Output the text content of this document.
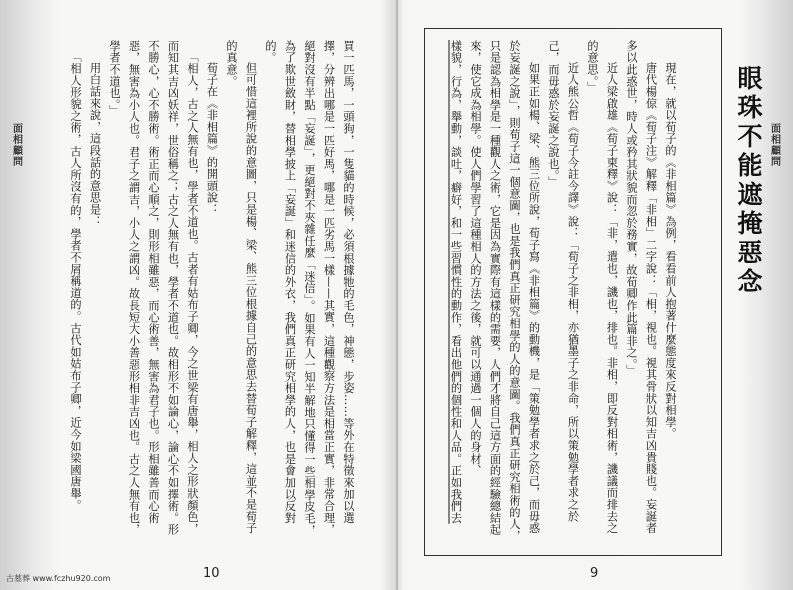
面相顧問	面相顧問

買一匹馬，一頭狗，一隻貓的時候，必須根據牠的毛色，神態，步姿……等外在特徵來加以選擇，分辨出哪是一匹好馬，哪是一匹劣馬一樣——其實，這種觀察方法是相當正實，非常合理，絕對沒有半點「妄誕」，更絕對不夾雜任麼「迷信」。如果有人一知半解地只懂得一些相學皮毛，為了欺世斂財，替相學披上「妄誕」和迷信的外衣，我們真正研究相學的人，也是會加以反對的。

但可惜這裡所說的意圖，只是楊、梁、熊三位根據自己的意思去替荀子解釋，這並不是荀子的真意。

荀子在《非相篇》的開頭說：

「相人，古之人無有也，學者不道也。古者有姑布子卿，今之世梁有唐舉，相人之形狀顏色，而知其吉凶妖祥，世俗稱之；古之人無有也，學者不道也。故相形不如論心，論心不如擇術。形不勝心，心不勝術。術正而心順之，則形相雖惡，而心術善，無害為君子也。形相雖善而心術惡，無害為小人也。君子之謂吉，小人之謂凶。故長短大小善惡形相非吉凶也。古之人無有也，學者不道也。」

用白話來說，這段話的意思是：

「相人形貌之術，古人所沒有的，學者不屑稱道的。古代如姑布子卿，近今如梁國唐舉。	眼珠不能遮掩惡念

現在，就以荀子的《非相篇》為例，看看前人抱著什麼態度來反對相學。

唐代楊倞《荀子注》解釋「非相」二字說：「相，視也。視其骨狀以知吉凶貴賤也。妄誕者多以此惑世，時人或矜其狀貌而忽於務實，故荀卿作此篇非之。」

近人梁啟雄《荀子柬釋》說：「非，遣也，譏也，排也。非相，即反對相術，譏議而排去之的意思。」

近人熊公哲《荀子今註今譯》說：「荀子之非相，亦猶墨子之非命，所以策勉學者求之於己，而毋惑於妄誕之說也。」

如果正如楊、梁、熊三位所說，荀子寫《非相篇》的動機，是「策勉學者求之於己，而毋惑於妄誕之說」，則荀子這一個意圖，也是我們真正研究相學的人的意圖。我們真正研究相術的人，只是認為相學是一種觀人之術，它是因為實際有這樣的需要，人們才將自己這方面的經驗總結起來，使它成為相學。使人們學習了這種相人的方法之後，就可以通過一個人的身材、

樣貌，行為，舉動，談吐，癖好，和一些習慣性的動作，看出他們的個性和人品。正如我們去

10	9
古墓葬 www.fczhu920.com
